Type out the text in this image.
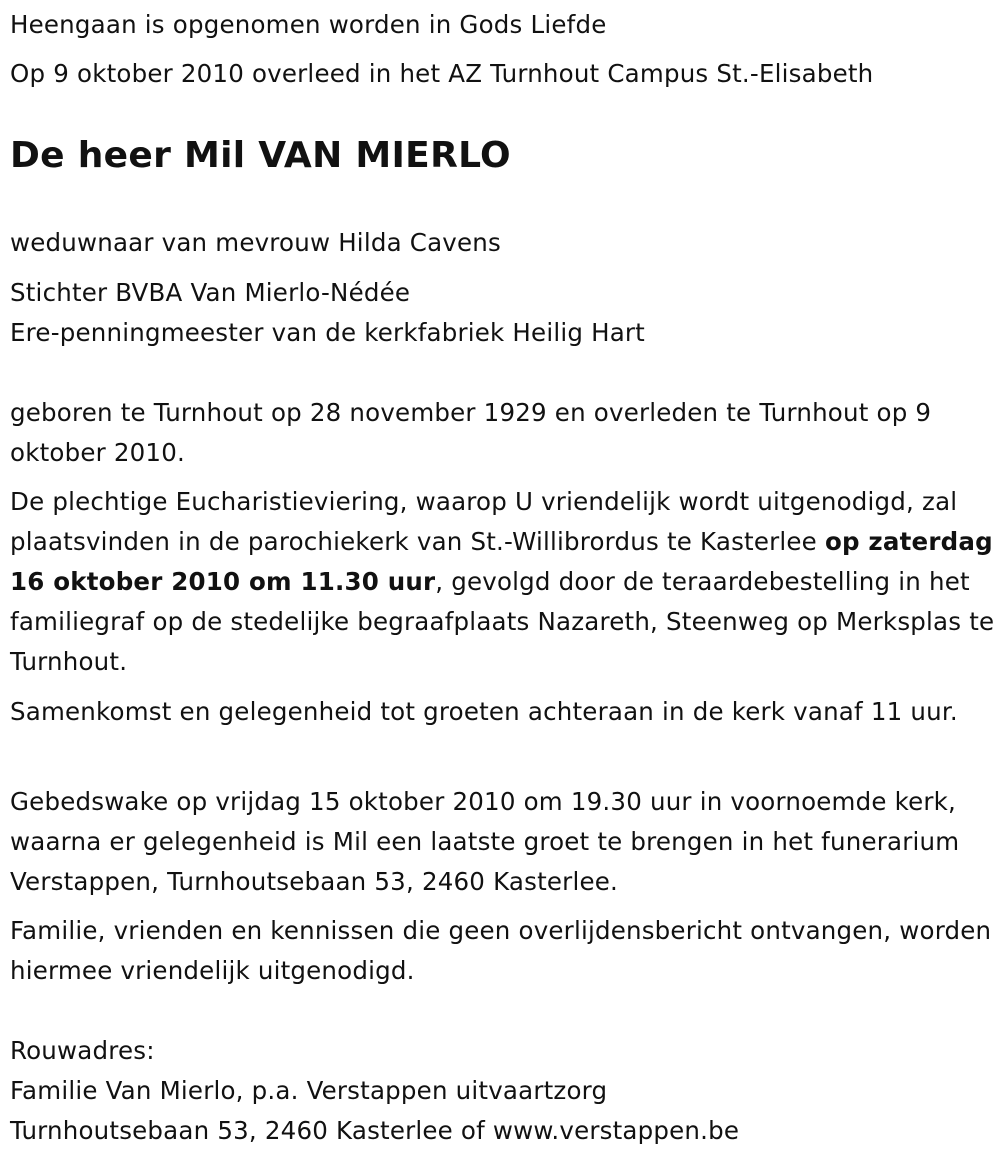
Heengaan is opgenomen worden in Gods Liefde
Op 9 oktober 2010 overleed in het AZ Turnhout Campus St.-Elisabeth
De heer Mil VAN MIERLO
weduwnaar van mevrouw Hilda Cavens
Stichter BVBA Van Mierlo-Nédée
Ere-penningmeester van de kerkfabriek Heilig Hart
geboren te Turnhout op 28 november 1929 en overleden te Turnhout op 9 oktober 2010.
De plechtige Eucharistieviering, waarop U vriendelijk wordt uitgenodigd, zal plaatsvinden in de parochiekerk van St.-Willibrordus te Kasterlee op zaterdag 16 oktober 2010 om 11.30 uur, gevolgd door de teraardebestelling in het familiegraf op de stedelijke begraafplaats Nazareth, Steenweg op Merksplas te Turnhout.
Samenkomst en gelegenheid tot groeten achteraan in de kerk vanaf 11 uur.
Gebedswake op vrijdag 15 oktober 2010 om 19.30 uur in voornoemde kerk, waarna er gelegenheid is Mil een laatste groet te brengen in het funerarium Verstappen, Turnhoutsebaan 53, 2460 Kasterlee.
Familie, vrienden en kennissen die geen overlijdensbericht ontvangen, worden hiermee vriendelijk uitgenodigd.
Rouwadres:
Familie Van Mierlo, p.a. Verstappen uitvaartzorg
Turnhoutsebaan 53, 2460 Kasterlee of www.verstappen.be
